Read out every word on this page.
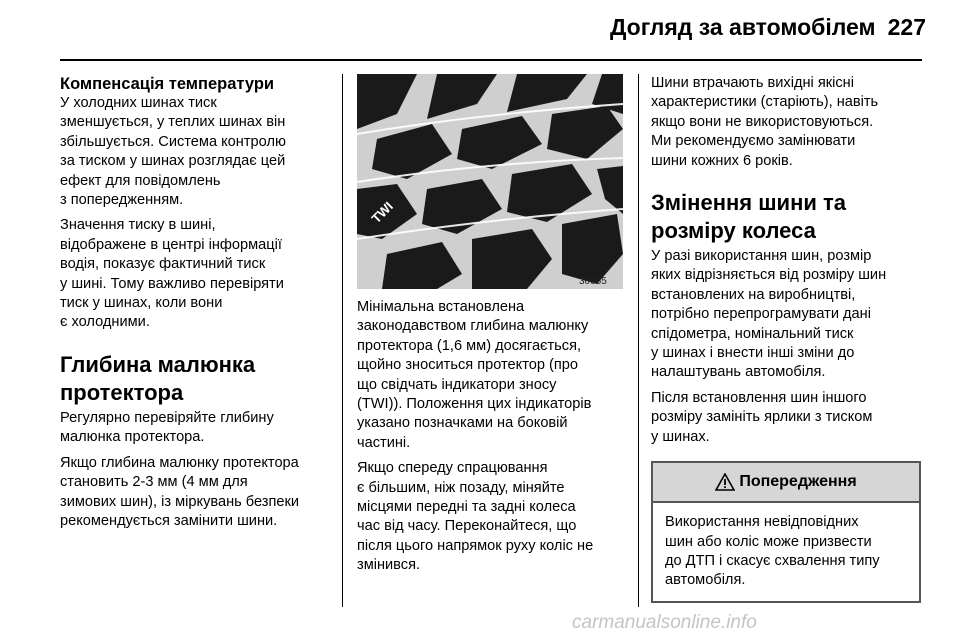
Догляд за автомобілем 227
Компенсація температури

У холодних шинах тиск
зменшується, у теплих шинах він
збільшується. Система контролю
за тиском у шинах розглядає цей
ефект для повідомлень
з попередженням.

Значення тиску в шині,
відображене в центрі інформації
водія, показує фактичний тиск
у шині. Тому важливо перевіряти
тиск у шинах, коли вони
є холодними.

Глибина малюнка протектора

Регулярно перевіряйте глибину
малюнка протектора.

Якщо глибина малюнку протектора
становить 2-3 мм (4 мм для
зимових шин), із міркувань безпеки
рекомендується замінити шини.

TWI
30055

Мінімальна встановлена
законодавством глибина малюнку
протектора (1,6 мм) досягається,
щойно зноситься протектор (про
що свідчать індикатори зносу
(TWI)). Положення цих індикаторів
указано позначками на боковій
частині.

Якщо спереду спрацювання
є більшим, ніж позаду, міняйте
місцями передні та задні колеса
час від часу. Переконайтеся, що
після цього напрямок руху коліс не
змінився.

Шини втрачають вихідні якісні
характеристики (старіють), навіть
якщо вони не використовуються.
Ми рекомендуємо замінювати
шини кожних 6 років.

Змінення шини та розміру колеса

У разі використання шин, розмір
яких відрізняється від розміру шин
встановлених на виробництві,
потрібно перепрограмувати дані
спідометра, номінальний тиск
у шинах і внести інші зміни до
налаштувань автомобіля.

Після встановлення шин іншого
розміру замініть ярлики з тиском
у шинах.

Попередження
Використання невідповідних
шин або коліс може призвести
до ДТП і скасує схвалення типу
автомобіля.
carmanualsonline.info
